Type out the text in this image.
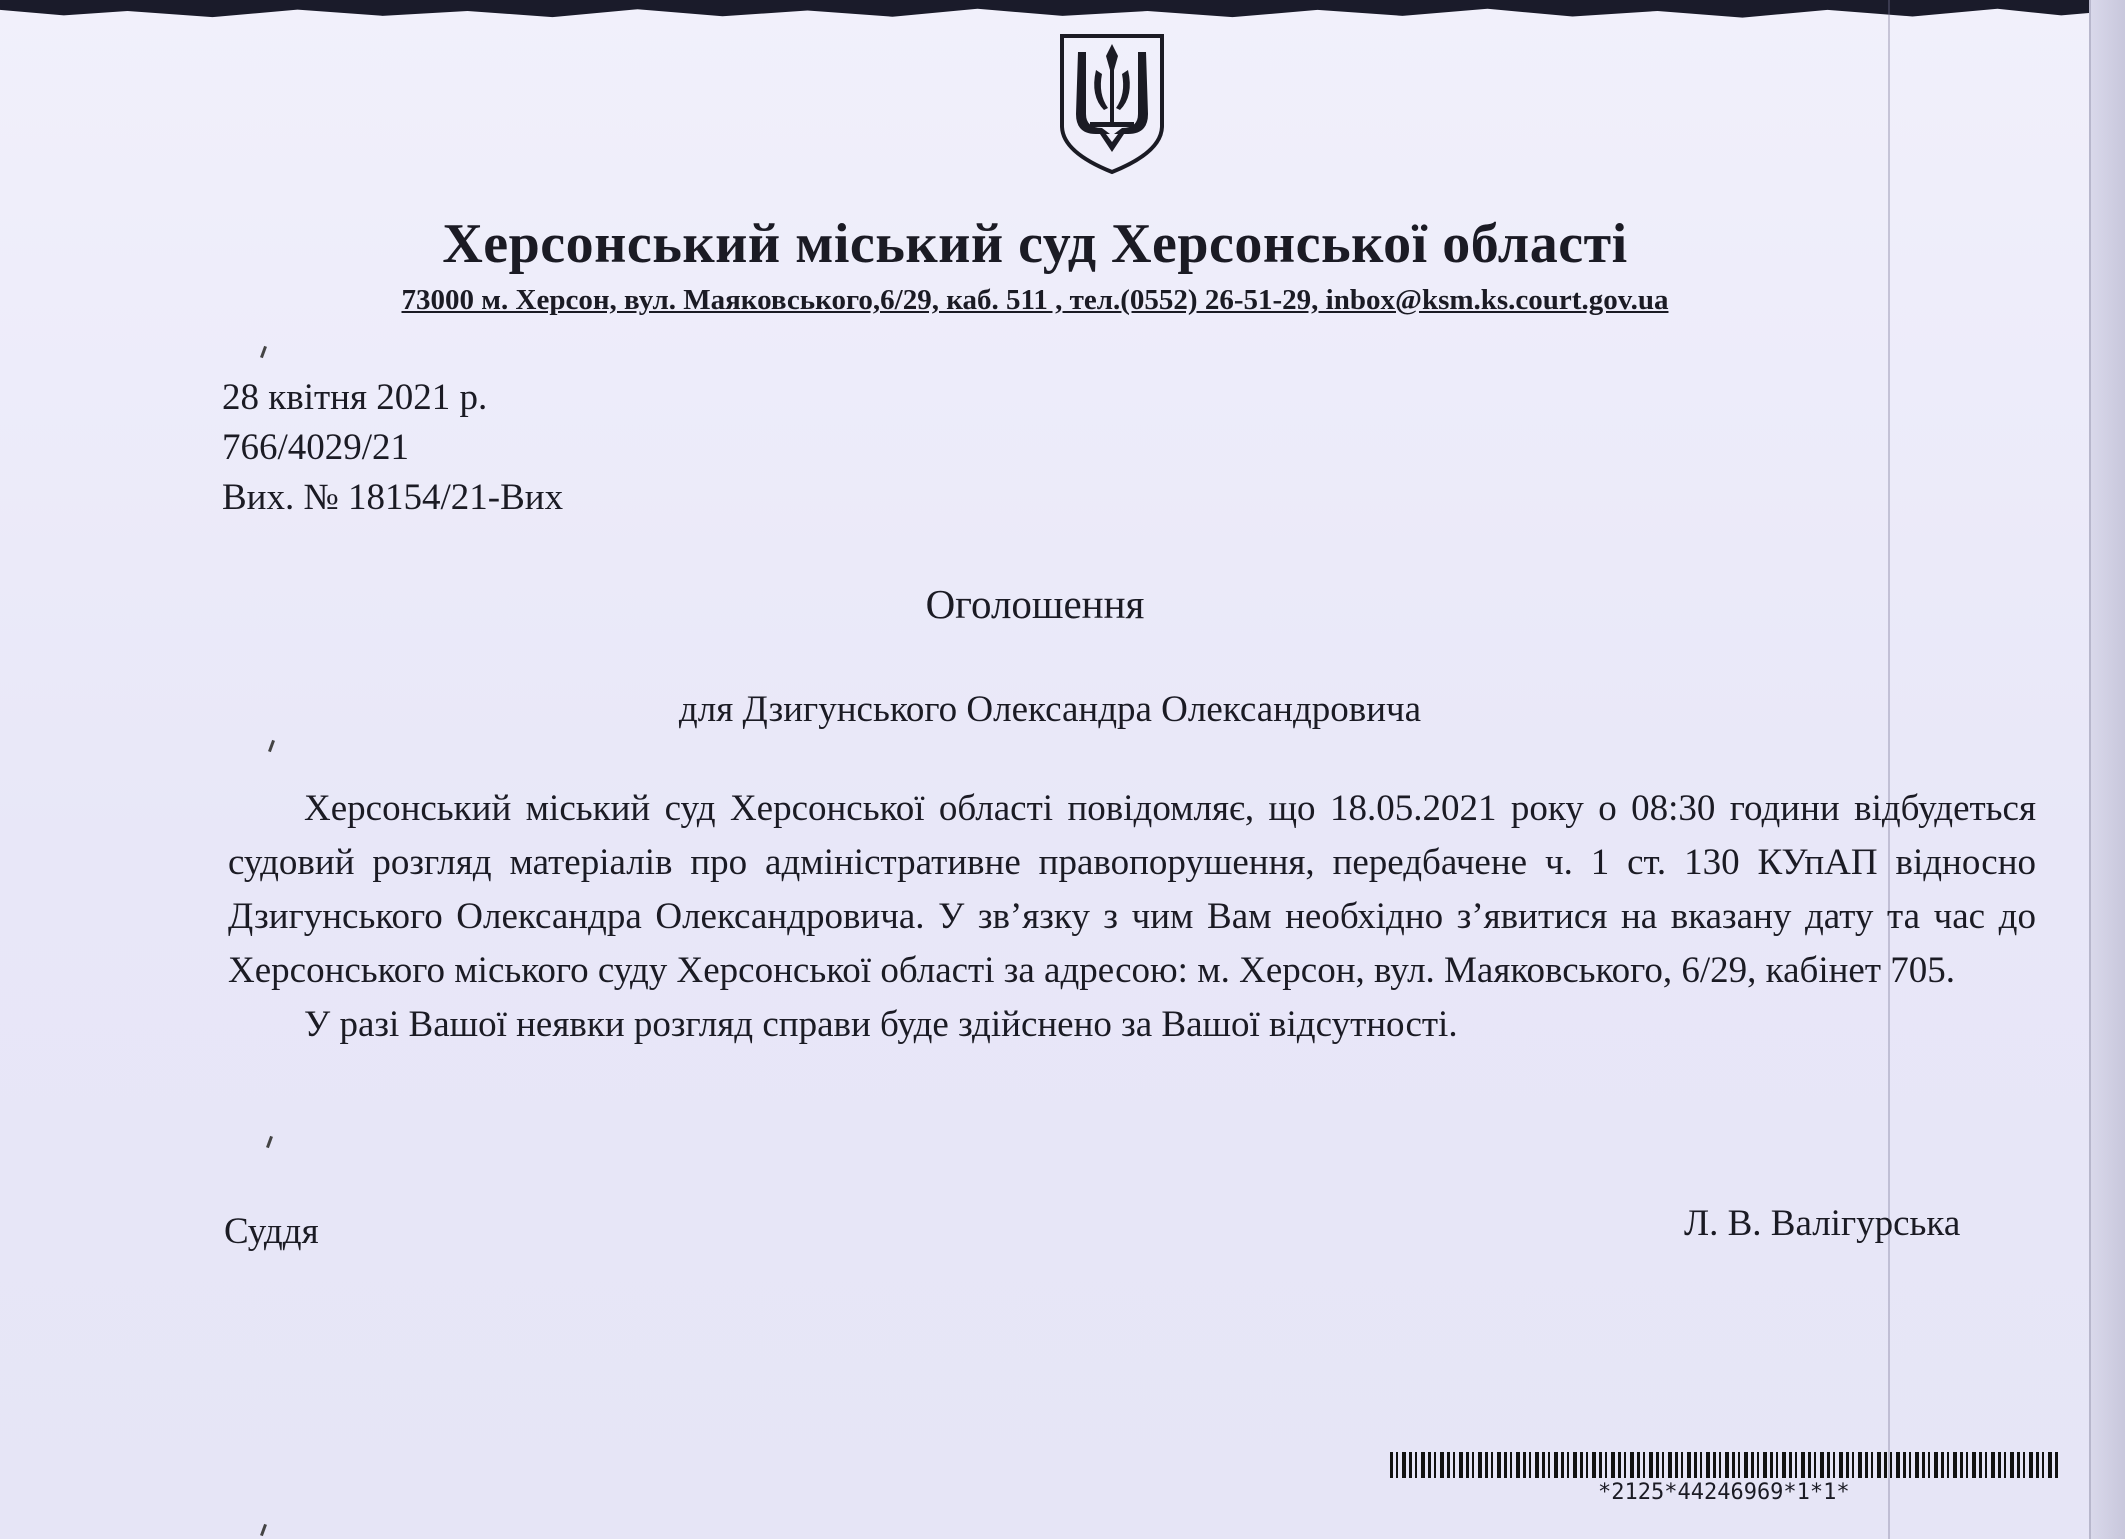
Херсонський міський суд Херсонської області
73000 м. Херсон, вул. Маяковського,6/29, каб. 511 , тел.(0552) 26-51-29, inbox@ksm.ks.court.gov.ua
28 квітня 2021 р.
766/4029/21
Вих. № 18154/21-Вих
Оголошення
для Дзигунського Олександра Олександровича

Херсонський міський суд Херсонської області повідомляє, що 18.05.2021 року о 08:30 години відбудеться судовий розгляд матеріалів про адміністративне правопорушення, передбачене ч. 1 ст. 130 КУпАП відносно Дзигунського Олександра Олександровича. У зв’язку з чим Вам необхідно з’явитися на вказану дату та час до Херсонського міського суду Херсонської області за адресою: м. Херсон, вул. Маяковського, 6/29, кабінет 705.

У разі Вашої неявки розгляд справи буде здійснено за Вашої відсутності.

Суддя	Л. В. Валігурська
*2125*44246969*1*1*
